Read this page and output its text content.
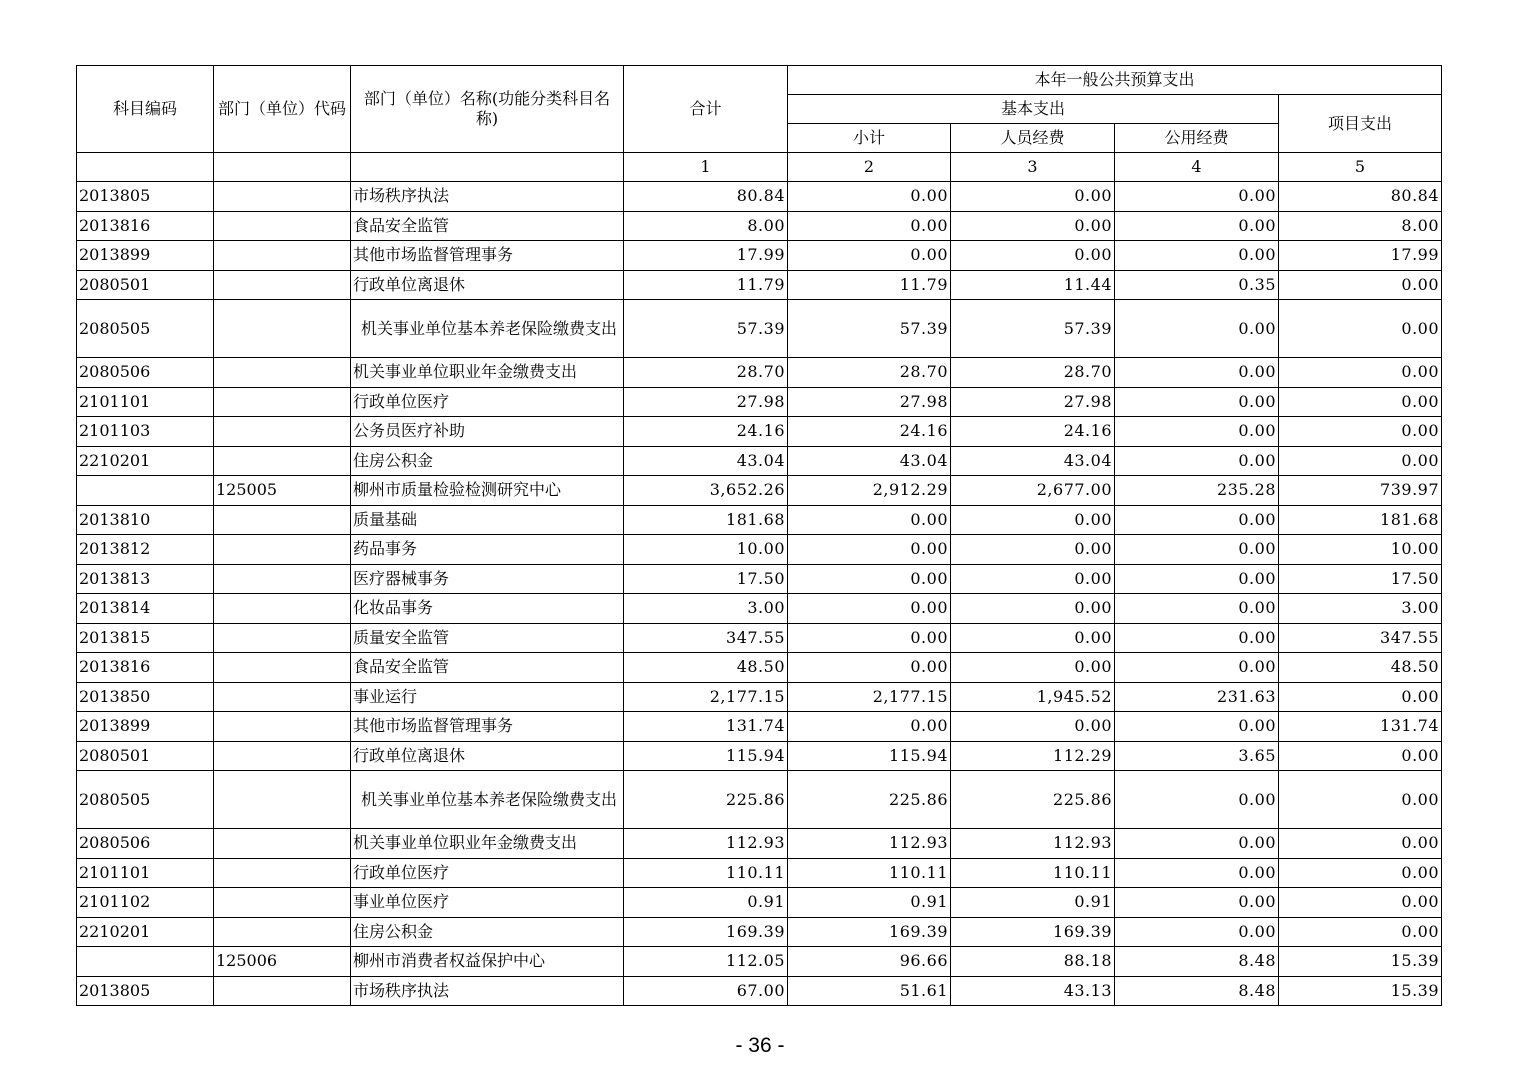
科目编码	部门（单位）代码	部门（单位）名称(功能分类科目名称)	合计	本年一般公共预算支出			
				基本支出			项目支出
				小计	人员经费	公用经费	
			1	2	3	4	5
2013805		市场秩序执法	80.84	0.00	0.00	0.00	80.84
2013816		食品安全监管	8.00	0.00	0.00	0.00	8.00
2013899		其他市场监督管理事务	17.99	0.00	0.00	0.00	17.99
2080501		行政单位离退休	11.79	11.79	11.44	0.35	0.00
2080505		机关事业单位基本养老保险缴费支出	57.39	57.39	57.39	0.00	0.00
2080506		机关事业单位职业年金缴费支出	28.70	28.70	28.70	0.00	0.00
2101101		行政单位医疗	27.98	27.98	27.98	0.00	0.00
2101103		公务员医疗补助	24.16	24.16	24.16	0.00	0.00
2210201		住房公积金	43.04	43.04	43.04	0.00	0.00
	125005	柳州市质量检验检测研究中心	3,652.26	2,912.29	2,677.00	235.28	739.97
2013810		质量基础	181.68	0.00	0.00	0.00	181.68
2013812		药品事务	10.00	0.00	0.00	0.00	10.00
2013813		医疗器械事务	17.50	0.00	0.00	0.00	17.50
2013814		化妆品事务	3.00	0.00	0.00	0.00	3.00
2013815		质量安全监管	347.55	0.00	0.00	0.00	347.55
2013816		食品安全监管	48.50	0.00	0.00	0.00	48.50
2013850		事业运行	2,177.15	2,177.15	1,945.52	231.63	0.00
2013899		其他市场监督管理事务	131.74	0.00	0.00	0.00	131.74
2080501		行政单位离退休	115.94	115.94	112.29	3.65	0.00
2080505		机关事业单位基本养老保险缴费支出	225.86	225.86	225.86	0.00	0.00
2080506		机关事业单位职业年金缴费支出	112.93	112.93	112.93	0.00	0.00
2101101		行政单位医疗	110.11	110.11	110.11	0.00	0.00
2101102		事业单位医疗	0.91	0.91	0.91	0.00	0.00
2210201		住房公积金	169.39	169.39	169.39	0.00	0.00
	125006	柳州市消费者权益保护中心	112.05	96.66	88.18	8.48	15.39
2013805		市场秩序执法	67.00	51.61	43.13	8.48	15.39
- 36 -
